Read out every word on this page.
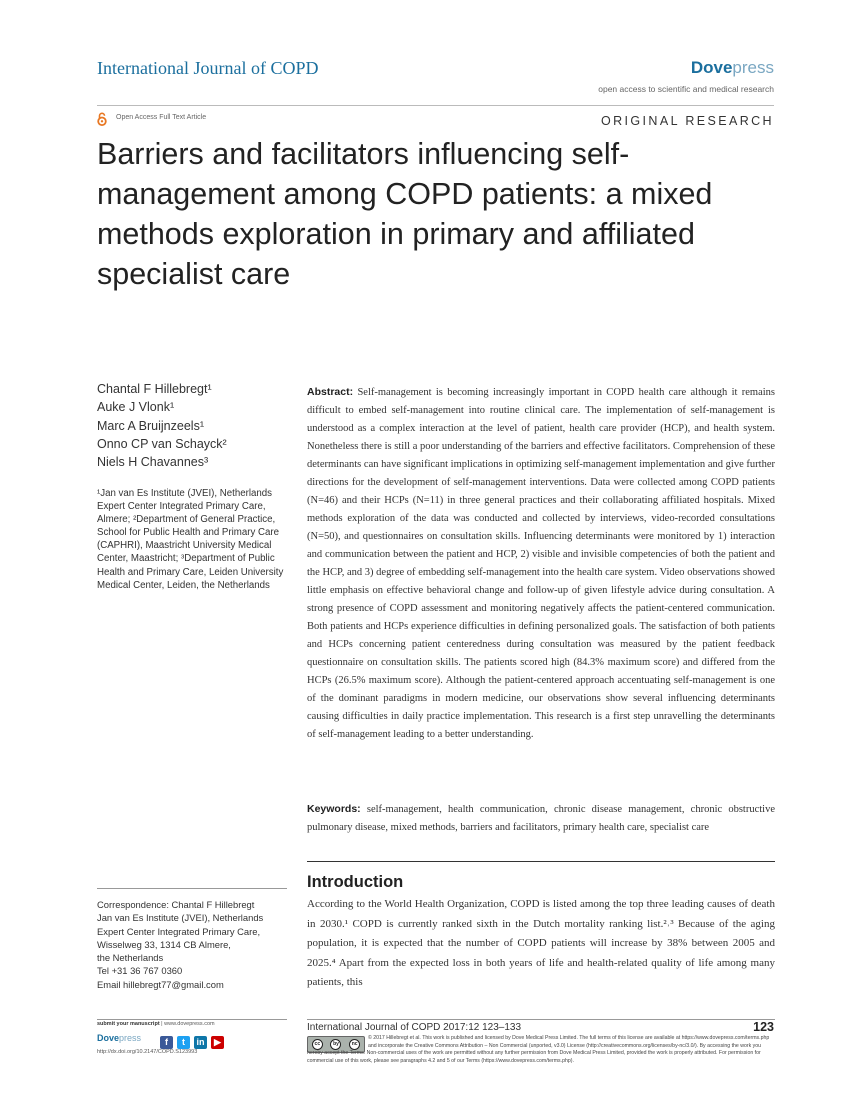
International Journal of COPD	Dovepress
open access to scientific and medical research
Open Access Full Text Article	ORIGINAL RESEARCH
Barriers and facilitators influencing self-management among COPD patients: a mixed methods exploration in primary and affiliated specialist care
Chantal F Hillebregt¹
Auke J Vlonk¹
Marc A Bruijnzeels¹
Onno CP van Schayck²
Niels H Chavannes³
¹Jan van Es Institute (JVEI), Netherlands Expert Center Integrated Primary Care, Almere; ²Department of General Practice, School for Public Health and Primary Care (CAPHRI), Maastricht University Medical Center, Maastricht; ³Department of Public Health and Primary Care, Leiden University Medical Center, Leiden, the Netherlands
Correspondence: Chantal F Hillebregt
Jan van Es Institute (JVEI), Netherlands
Expert Center Integrated Primary Care,
Wisselweg 33, 1314 CB Almere,
the Netherlands
Tel +31 36 767 0360
Email hillebregt77@gmail.com
Abstract: Self-management is becoming increasingly important in COPD health care although it remains difficult to embed self-management into routine clinical care. The implementation of self-management is understood as a complex interaction at the level of patient, health care provider (HCP), and health system. Nonetheless there is still a poor understanding of the barriers and effective facilitators. Comprehension of these determinants can have significant implications in optimizing self-management implementation and give further directions for the development of self-management interventions. Data were collected among COPD patients (N=46) and their HCPs (N=11) in three general practices and their collaborating affiliated hospitals. Mixed methods exploration of the data was conducted and collected by interviews, video-recorded consultations (N=50), and questionnaires on consultation skills. Influencing determinants were monitored by 1) interaction and communication between the patient and HCP, 2) visible and invisible competencies of both the patient and the HCP, and 3) degree of embedding self-management into the health care system. Video observations showed little emphasis on effective behavioral change and follow-up of given lifestyle advice during consultation. A strong presence of COPD assessment and monitoring negatively affects the patient-centered communication. Both patients and HCPs experience difficulties in defining personalized goals. The satisfaction of both patients and HCPs concerning patient centeredness during consultation was measured by the patient feedback questionnaire on consultation skills. The patients scored high (84.3% maximum score) and differed from the HCPs (26.5% maximum score). Although the patient-centered approach accentuating self-management is one of the dominant paradigms in modern medicine, our observations show several influencing determinants causing difficulties in daily practice implementation. This research is a first step unravelling the determinants of self-management leading to a better understanding.
Keywords: self-management, health communication, chronic disease management, chronic obstructive pulmonary disease, mixed methods, barriers and facilitators, primary health care, specialist care
Introduction
According to the World Health Organization, COPD is listed among the top three leading causes of death in 2030.¹ COPD is currently ranked sixth in the Dutch mortality ranking list.²˒³ Because of the aging population, it is expected that the number of COPD patients will increase by 38% between 2005 and 2025.⁴ Apart from the expected loss in both years of life and health-related quality of life among many patients, this
submit your manuscript | www.dovepress.com
Dovepress	f t in ▶
http://dx.doi.org/10.2147/COPD.S123993
International Journal of COPD 2017:12 123–133	123
cc	by	nc
© 2017 Hillebregt et al. This work is published and licensed by Dove Medical Press Limited. The full terms of this license are available at https://www.dovepress.com/terms.php and incorporate the Creative Commons Attribution – Non Commercial (unported, v3.0) License (http://creativecommons.org/licenses/by-nc/3.0/). By accessing the work you
hereby accept the Terms. Non-commercial uses of the work are permitted without any further permission from Dove Medical Press Limited, provided the work is properly attributed. For permission for commercial use of this work, please see paragraphs 4.2 and 5 of our Terms (https://www.dovepress.com/terms.php).
